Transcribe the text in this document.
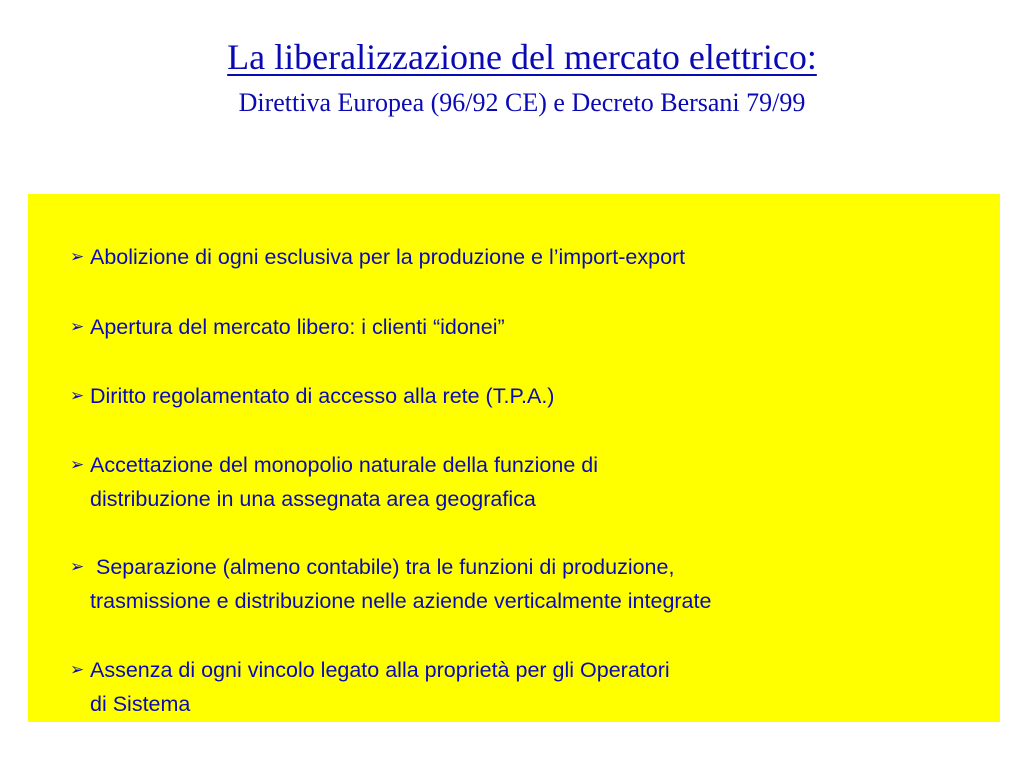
La liberalizzazione del mercato elettrico:
Direttiva Europea (96/92 CE) e Decreto Bersani 79/99
➢ Abolizione di ogni esclusiva per la produzione e l’import-export
➢ Apertura del mercato libero: i clienti “idonei”
➢ Diritto regolamentato di accesso alla rete (T.P.A.)
➢ Accettazione del monopolio naturale della funzione di
distribuzione in una assegnata area geografica
➢ Separazione (almeno contabile) tra le funzioni di produzione,
trasmissione e distribuzione nelle aziende verticalmente integrate
➢ Assenza di ogni vincolo legato alla proprietà per gli Operatori
di Sistema
